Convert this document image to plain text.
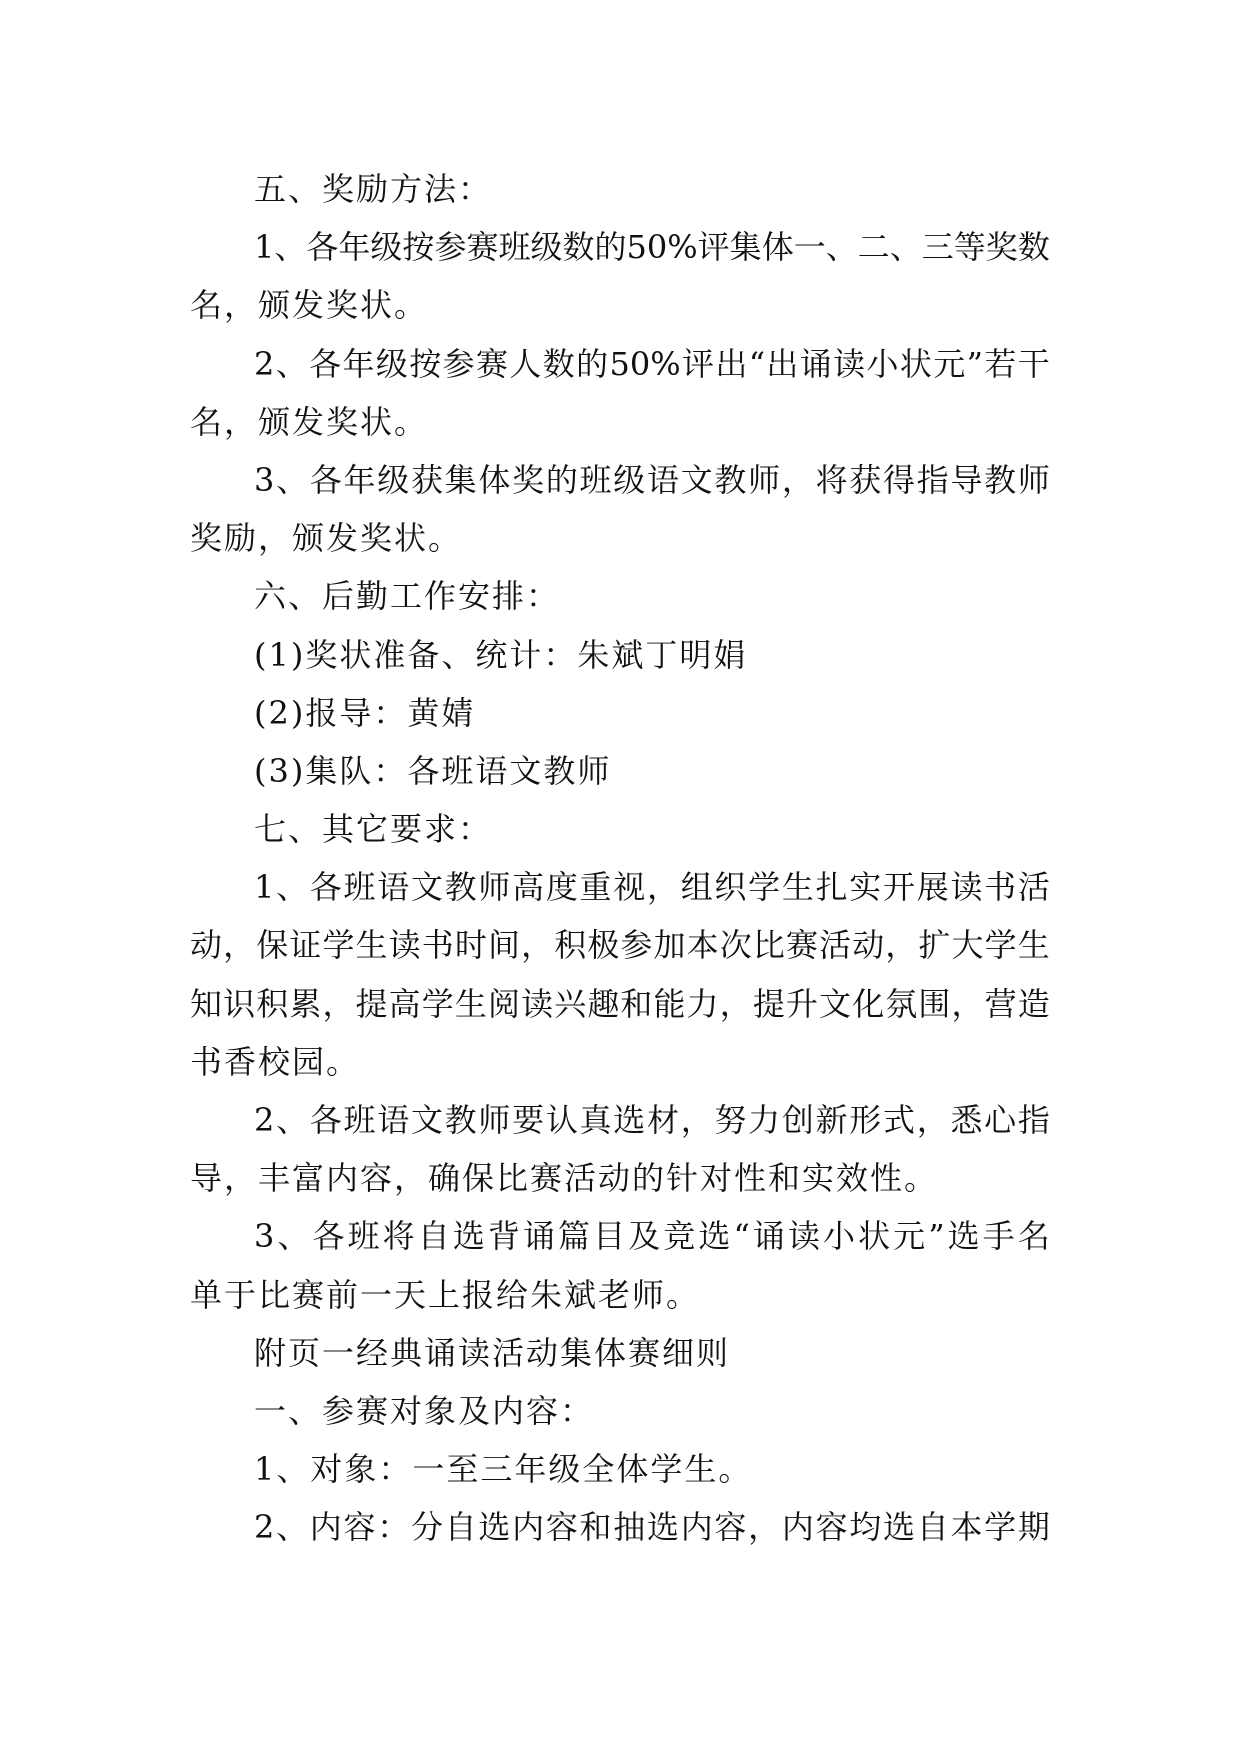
五、奖励方法：
1 、 各 年 级 按 参 赛 班 级 数 的 50% 评 集 体 一 、 二 、 三 等 奖 数
名，颁发奖状。
2 、 各 年 级 按 参 赛 人 数 的 50% 评 出 “ 出 诵 读 小 状 元 ” 若 干
名，颁发奖状。
3 、 各 年 级 获 集 体 奖 的 班 级 语 文 教 师 ， 将 获 得 指 导 教 师
奖励，颁发奖状。
六、后勤工作安排：
(1)奖状准备、统计：朱斌丁明娟
(2)报导：黄婧
(3)集队：各班语文教师
七、其它要求：
1 、 各 班 语 文 教 师 高 度 重 视 ， 组 织 学 生 扎 实 开 展 读 书 活
动 ， 保 证 学 生 读 书 时 间 ， 积 极 参 加 本 次 比 赛 活 动 ， 扩 大 学 生
知 识 积 累 ， 提 高 学 生 阅 读 兴 趣 和 能 力 ， 提 升 文 化 氛 围 ， 营 造
书香校园。
2 、 各 班 语 文 教 师 要 认 真 选 材 ， 努 力 创 新 形 式 ， 悉 心 指
导，丰富内容，确保比赛活动的针对性和实效性。
3 、 各 班 将 自 选 背 诵 篇 目 及 竞 选 “ 诵 读 小 状 元 ” 选 手 名
单于比赛前一天上报给朱斌老师。
附页一经典诵读活动集体赛细则
一、参赛对象及内容：
1、对象：一至三年级全体学生。
2 、 内 容 ： 分 自 选 内 容 和 抽 选 内 容 ， 内 容 均 选 自 本 学 期
